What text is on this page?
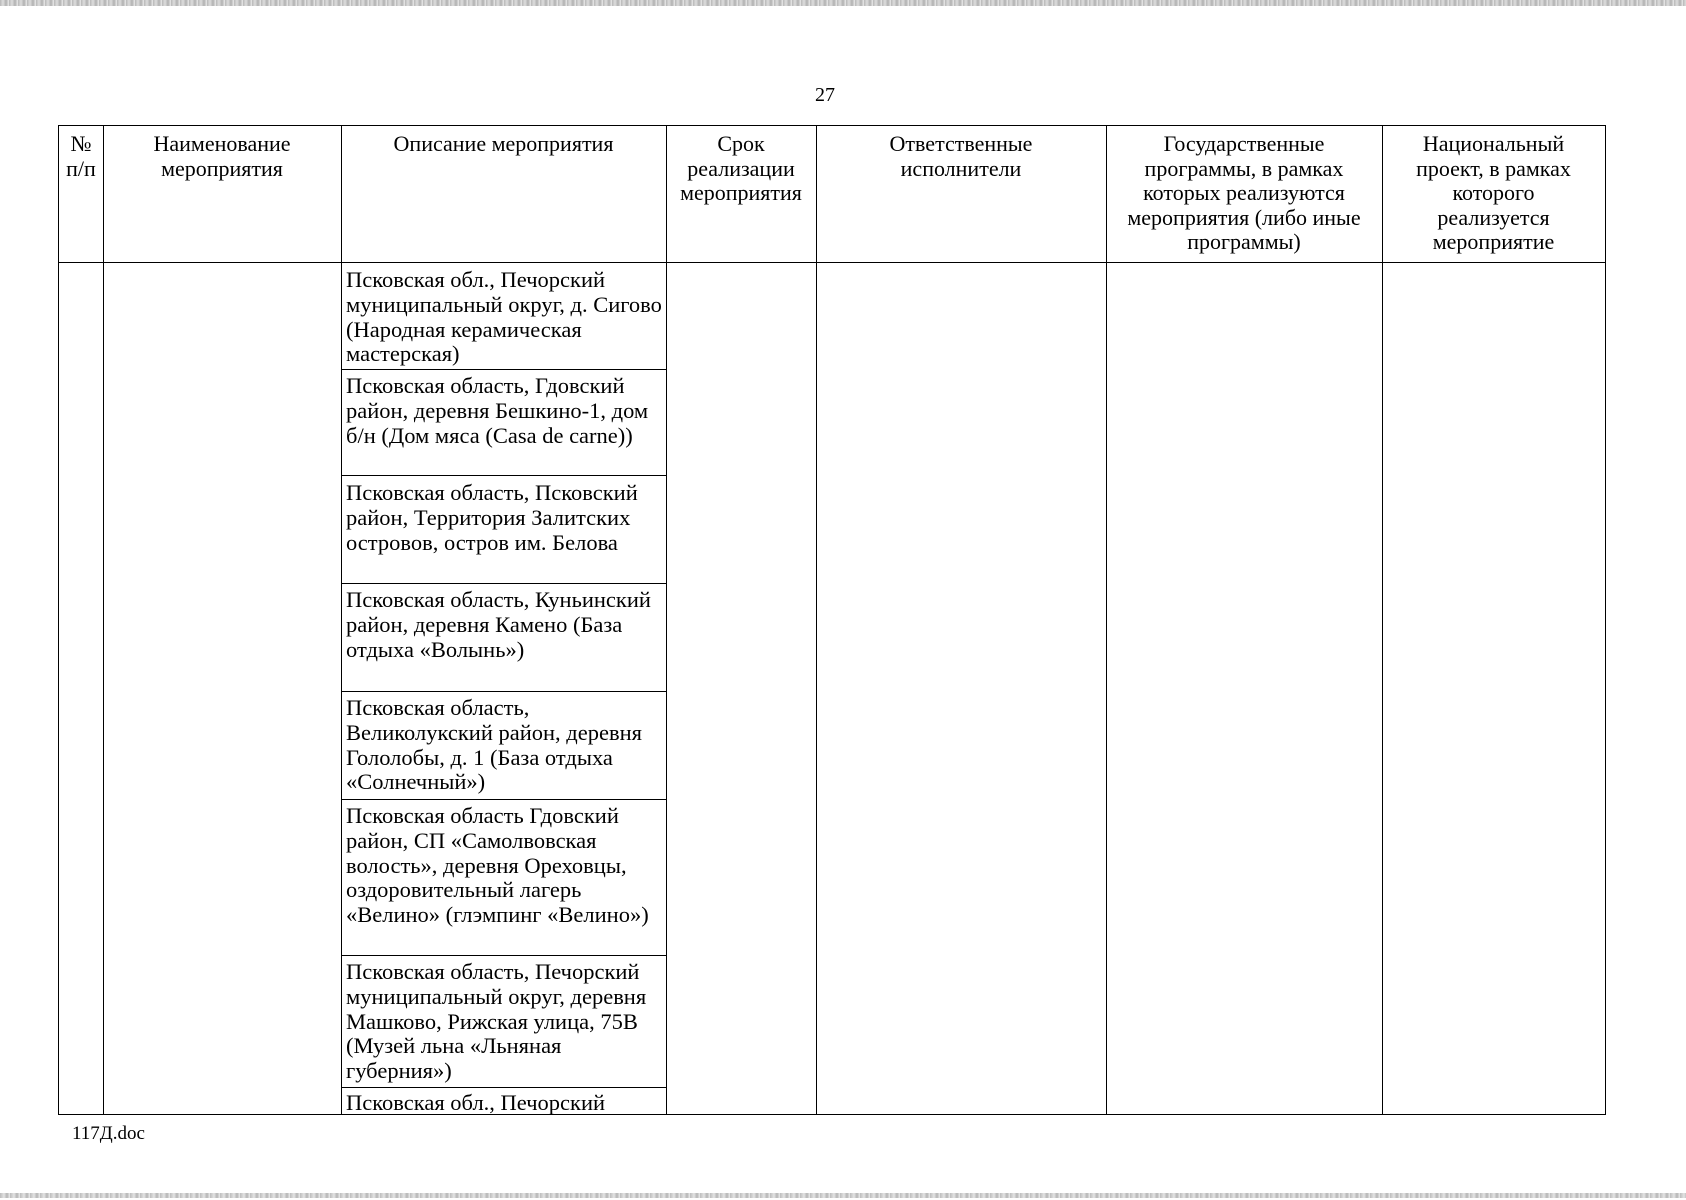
27
№ п/п
Наименование мероприятия
Описание мероприятия	Срок реализации мероприятия
Ответственные исполнители
Государственные программы, в рамках которых реализуются мероприятия (либо иные программы)
Национальный проект, в рамках которого реализуется мероприятие
Псковская обл., Печорский муниципальный округ, д. Сигово (Народная керамическая мастерская)
Псковская область, Гдовский район, деревня Бешкино-1, дом б/н (Дом мяса (Casa de carne))
Псковская область, Псковский район, Территория Залитских островов, остров им. Белова
Псковская область, Куньинский район, деревня Камено (База отдыха «Волынь»)
Псковская область, Великолукский район, деревня Гололобы, д. 1 (База отдыха «Солнечный»)
Псковская область Гдовский район, СП «Самолвовская волость», деревня Ореховцы, оздоровительный лагерь «Велино» (глэмпинг «Велино»)
Псковская область, Печорский муниципальный округ, деревня Машково, Рижская улица, 75В (Музей льна «Льняная губерния»)
Псковская обл., Печорский
117Д.doc
